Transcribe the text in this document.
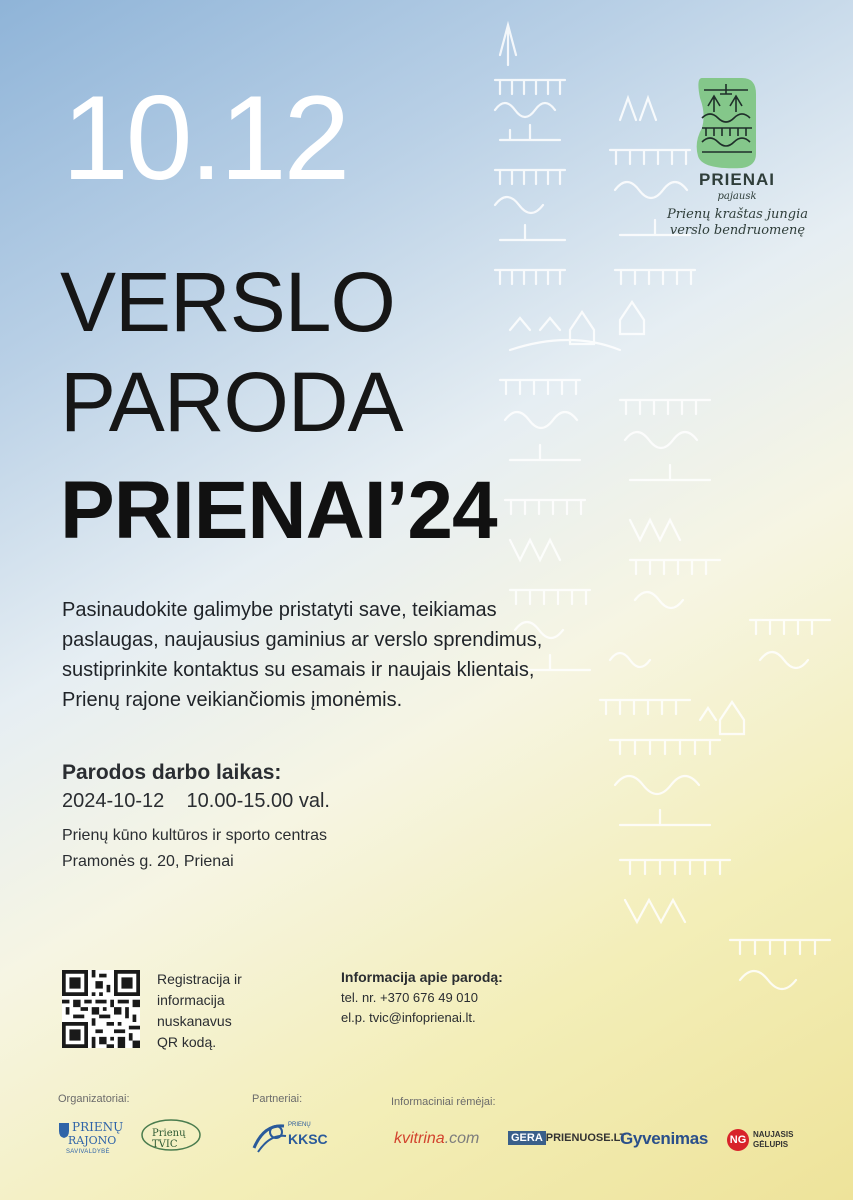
10.12
VERSLO
PARODA
PRIENAI’24
Pasinaudokite galimybe pristatyti save, teikiamas
paslaugas, naujausius gaminius ar verslo sprendimus,
sustiprinkite kontaktus su esamais ir naujais klientais,
Prienų rajone veikiančiomis įmonėmis.
Parodos darbo laikas:
2024-10-12    10.00-15.00 val.
Prienų kūno kultūros ir sporto centras
Pramonės g. 20, Prienai
Registracija ir
informacija
nuskanavus
QR kodą.
Informacija apie parodą:
tel. nr. +370 676 49 010
el.p. tvic@infoprienai.lt.
PRIENAI
pajausk
Prienų kraštas jungia
verslo bendruomenę
Organizatoriai:	Partneriai:	Informaciniai rėmėjai:
PRIENŲ
RAJONO
SAVIVALDYBĖ
Prienų TVIC
PRIENŲ
KKSC	kvitrina.com	GERA PRIENUOSE.LT
Gyvenimas NG NAUJASIS
GĖLUPIS
